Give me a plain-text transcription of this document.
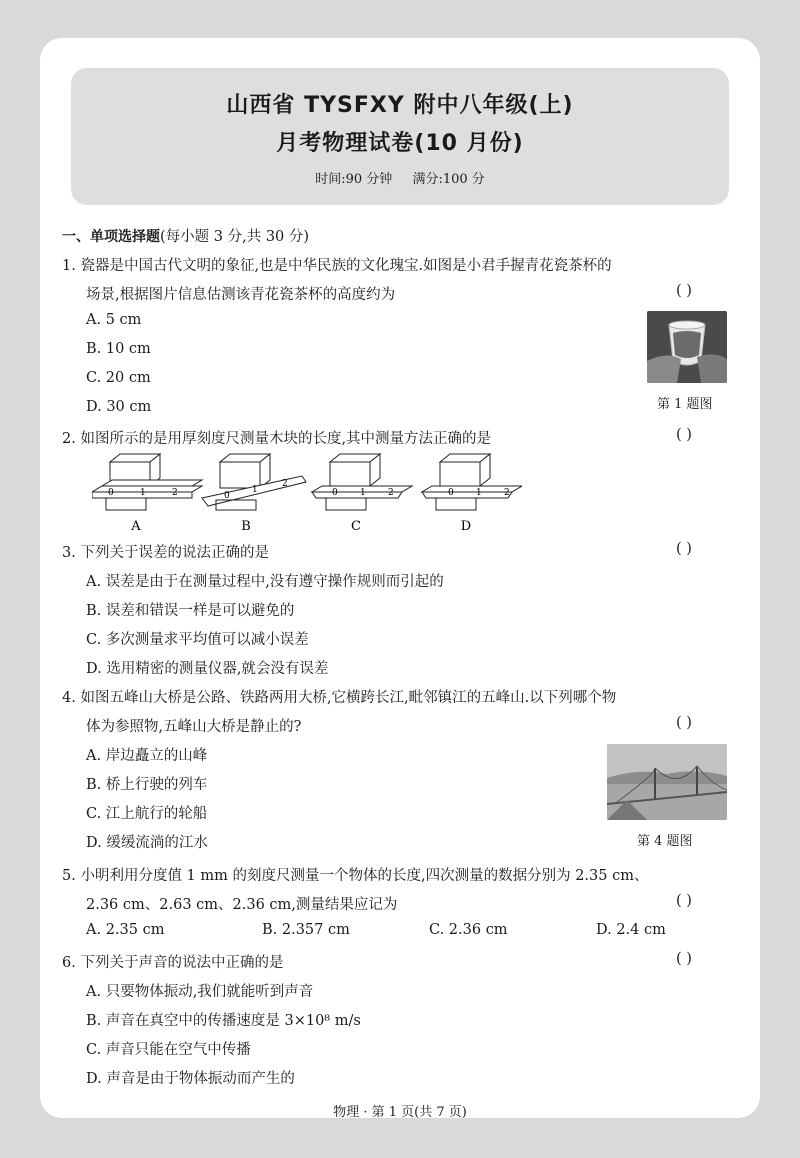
山西省 TYSFXY 附中八年级(上)
月考物理试卷(10 月份)
时间:90 分钟 满分:100 分
一、单项选择题(每小题 3 分,共 30 分)
1. 瓷器是中国古代文明的象征,也是中华民族的文化瑰宝.如图是小君手握青花瓷茶杯的
场景,根据图片信息估测该青花瓷茶杯的高度约为	( )
A. 5 cm
B. 10 cm
C. 20 cm
D. 30 cm	第 1 题图
2. 如图所示的是用厚刻度尺测量木块的长度,其中测量方法正确的是	( )
0	1	2	0
1
2
0 1 2	0 1 2
A	B	C	D
3. 下列关于误差的说法正确的是	( )
A. 误差是由于在测量过程中,没有遵守操作规则而引起的
B. 误差和错误一样是可以避免的
C. 多次测量求平均值可以减小误差
D. 选用精密的测量仪器,就会没有误差
4. 如图五峰山大桥是公路、铁路两用大桥,它横跨长江,毗邻镇江的五峰山.以下列哪个物
体为参照物,五峰山大桥是静止的?	( )
A. 岸边矗立的山峰
B. 桥上行驶的列车
C. 江上航行的轮船
D. 缓缓流淌的江水	第 4 题图
5. 小明利用分度值 1 mm 的刻度尺测量一个物体的长度,四次测量的数据分别为 2.35 cm、
2.36 cm、2.63 cm、2.36 cm,测量结果应记为	( )
A. 2.35 cm	B. 2.357 cm	C. 2.36 cm	D. 2.4 cm
6. 下列关于声音的说法中正确的是	( )
A. 只要物体振动,我们就能听到声音
B. 声音在真空中的传播速度是 3×10⁸ m/s
C. 声音只能在空气中传播
D. 声音是由于物体振动而产生的
物理 · 第 1 页(共 7 页)
